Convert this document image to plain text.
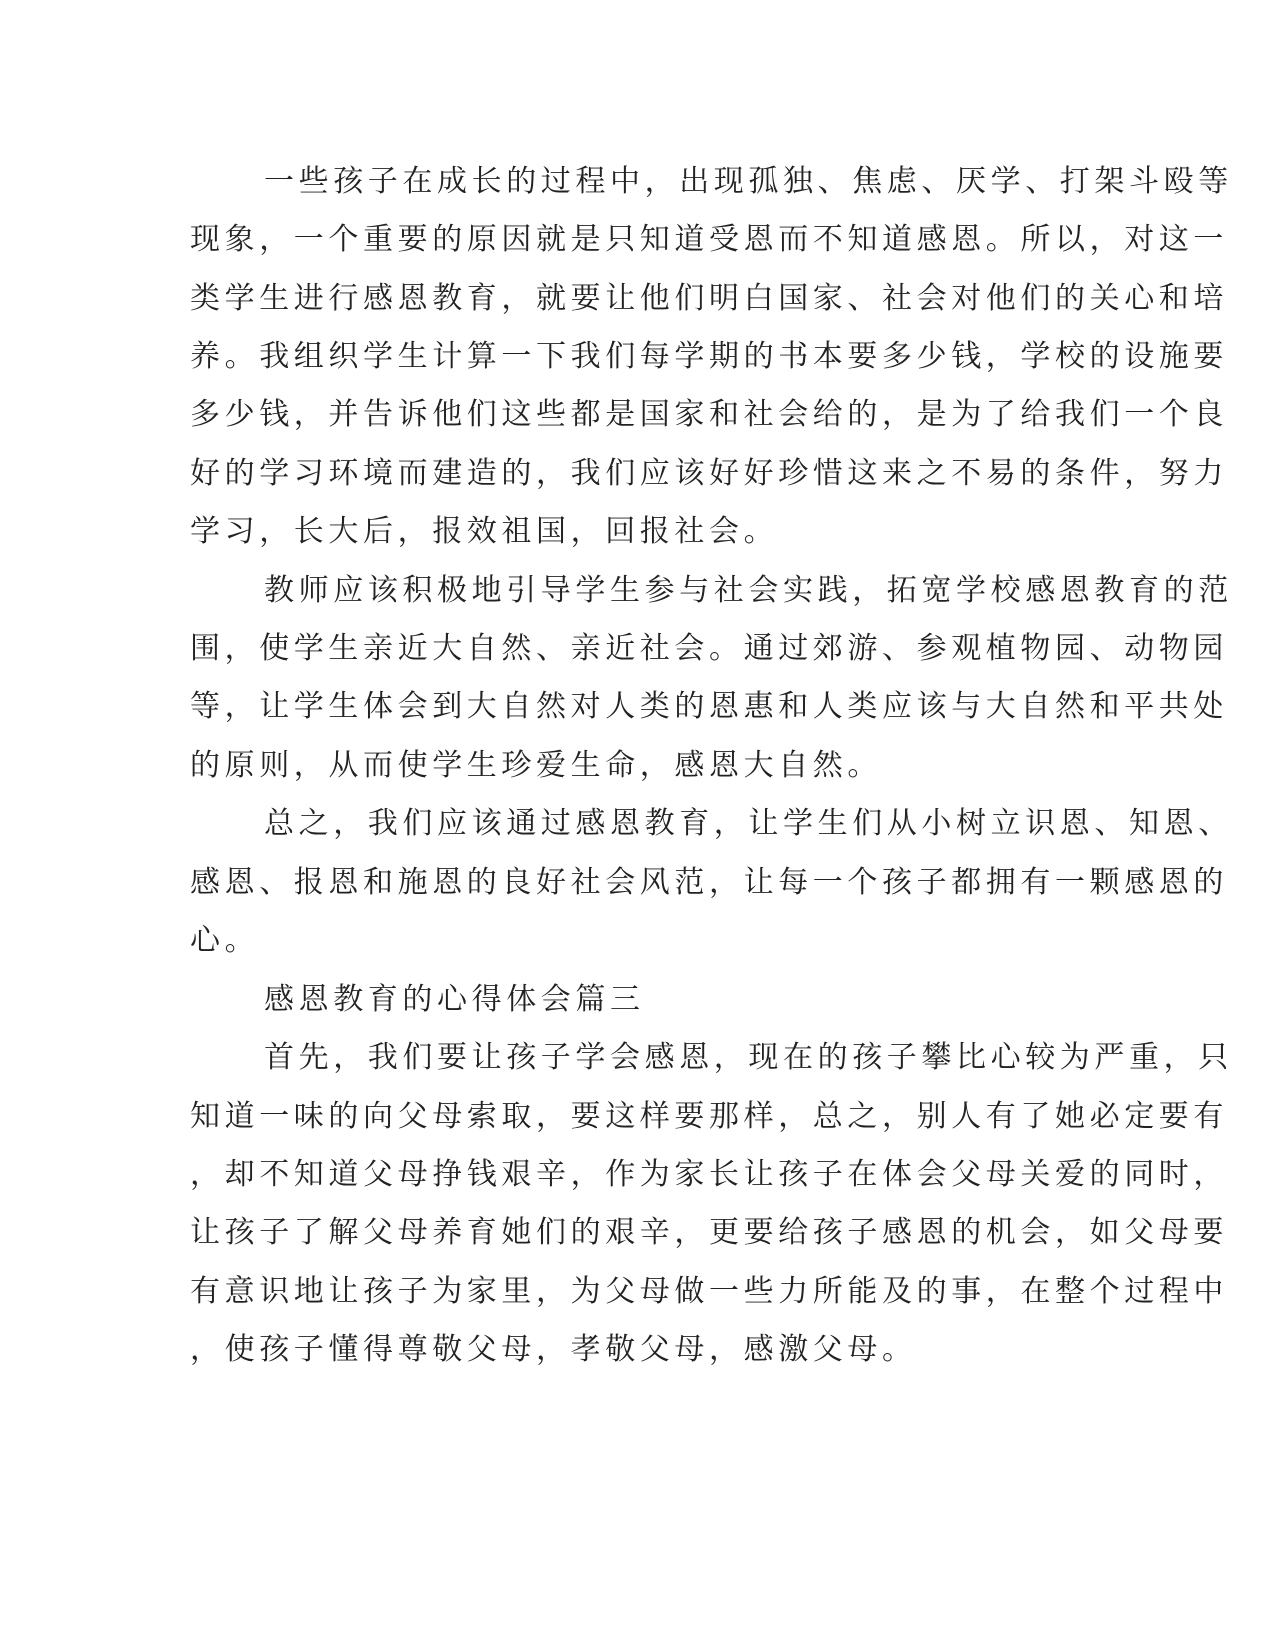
一些孩子在成长的过程中，出现孤独、焦虑、厌学、打架斗殴等
现象，一个重要的原因就是只知道受恩而不知道感恩。所以，对这一
类学生进行感恩教育，就要让他们明白国家、社会对他们的关心和培
养。我组织学生计算一下我们每学期的书本要多少钱，学校的设施要
多少钱，并告诉他们这些都是国家和社会给的，是为了给我们一个良
好的学习环境而建造的，我们应该好好珍惜这来之不易的条件，努力
学习，长大后，报效祖国，回报社会。
教师应该积极地引导学生参与社会实践，拓宽学校感恩教育的范
围，使学生亲近大自然、亲近社会。通过郊游、参观植物园、动物园
等，让学生体会到大自然对人类的恩惠和人类应该与大自然和平共处
的原则，从而使学生珍爱生命，感恩大自然。
总之，我们应该通过感恩教育，让学生们从小树立识恩、知恩、
感恩、报恩和施恩的良好社会风范，让每一个孩子都拥有一颗感恩的
心。
感恩教育的心得体会篇三
首先，我们要让孩子学会感恩，现在的孩子攀比心较为严重，只
知道一味的向父母索取，要这样要那样，总之，别人有了她必定要有
，却不知道父母挣钱艰辛，作为家长让孩子在体会父母关爱的同时，
让孩子了解父母养育她们的艰辛，更要给孩子感恩的机会，如父母要
有意识地让孩子为家里，为父母做一些力所能及的事，在整个过程中
，使孩子懂得尊敬父母，孝敬父母，感激父母。
